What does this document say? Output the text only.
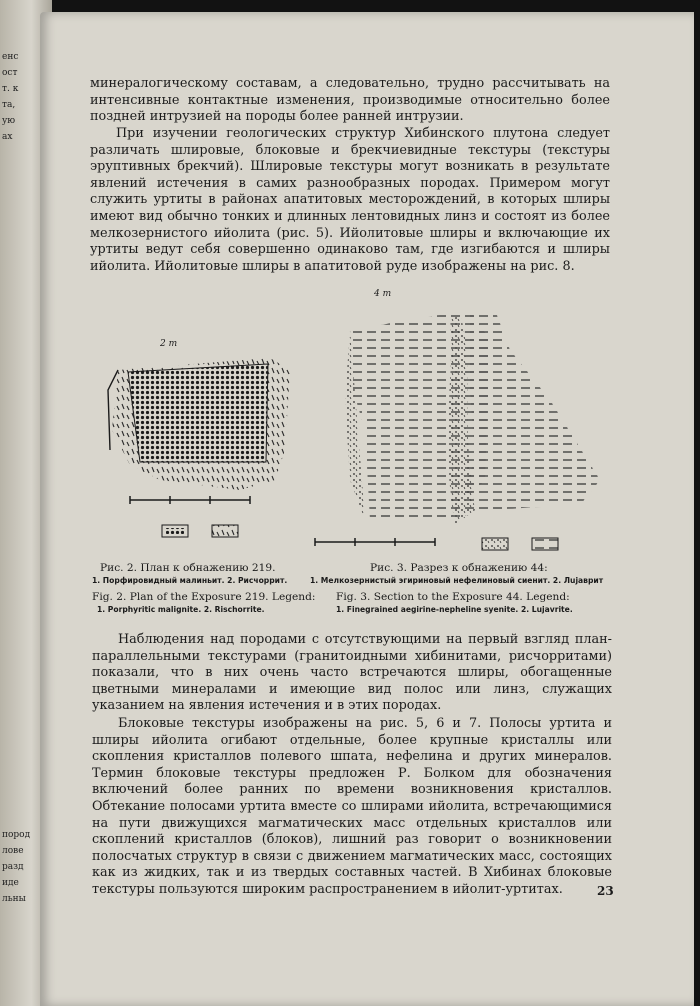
енс
ост
т. к
та,
ую
ах
пород
лове
разд
иде
льны

минералогическому составам, а следовательно, трудно рассчитывать на интенсивные контактные изменения, производимые относительно более поздней интрузией на породы более ранней интрузии.

При изучении геологических структур Хибинского плутона следует различать шлировые, блоковые и брекчиевидные текстуры (текстуры эруптивных брекчий). Шлировые текстуры могут возникать в результате явлений истечения в самих разнообразных породах. Примером могут служить уртиты в районах апатитовых месторождений, в которых шлиры имеют вид обычно тонких и длинных лентовидных линз и состоят из более мелкозернистого ийолита (рис. 5). Ийолитовые шлиры и включающие их уртиты ведут себя совершенно одинаково там, где изгибаются и шлиры ийолита. Ийолитовые шлиры в апатитовой руде изображены на рис. 8.

2 m
4 m

Рис. 2. План к обнажению 219.

1. Порфировидный малиньит. 2. Рисчоррит.

Fig. 2. Plan of the Exposure 219. Legend:

1. Porphyritic malignite. 2. Rischorrite.

Рис. 3. Разрез к обнажению 44:

1. Мелкозернистый эгириновый нефелиновый сиенит. 2. Лujаврит

Fig. 3. Section to the Exposure 44. Legend:

1. Finegrained aegirine-nepheline syenite. 2. Lujavrite.

Наблюдения над породами с отсутствующими на первый взгляд план-параллельными текстурами (гранитоидными хибинитами, рисчорритами) показали, что в них очень часто встречаются шлиры, обогащенные цветными минералами и имеющие вид полос или линз, служащих указанием на явления истечения и в этих породах.

Блоковые текстуры изображены на рис. 5, 6 и 7. Полосы уртита и шлиры ийолита огибают отдельные, более крупные кристаллы или скопления кристаллов полевого шпата, нефелина и других минералов. Термин блоковые текстуры предложен Р. Болком для обозначения включений более ранних по времени возникновения кристаллов. Обтекание полосами уртита вместе со шлирами ийолита, встречающимися на пути движущихся магматических масс отдельных кристаллов или скоплений кристаллов (блоков), лишний раз говорит о возникновении полосчатых структур в связи с движением магматических масс, состоящих как из жидких, так и из твердых составных частей. В Хибинах блоковые текстуры пользуются широким распространением в ийолит-уртитах.	23
